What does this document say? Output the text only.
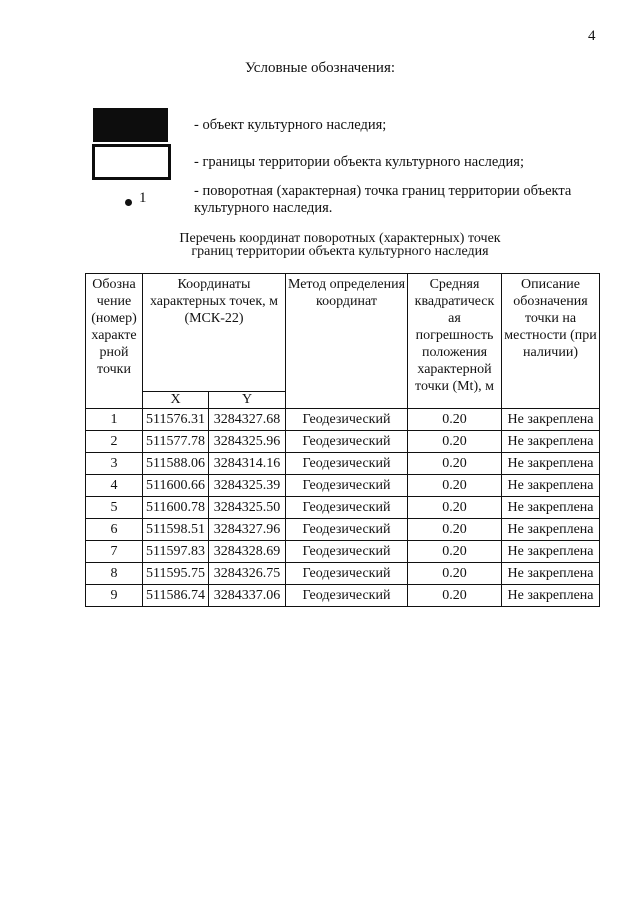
4
Условные обозначения:
- объект культурного наследия;
- границы территории объекта культурного наследия;
1	- поворотная (характерная) точка границ территории объекта
культурного наследия.
Перечень координат поворотных (характерных) точек
границ территории объекта культурного наследия
Обозна чение (номер) характе рной точки	Координаты характерных точек, м (МСК-22)		Метод определения координат	Средняя квадратическ ая погрешность положения характерной точки (Mt), м	Описание обозначения точки на местности (при наличии)

	X	Y			
1	511576.31	3284327.68	Геодезический	0.20	Не закреплена
2	511577.78	3284325.96	Геодезический	0.20	Не закреплена
3	511588.06	3284314.16	Геодезический	0.20	Не закреплена
4	511600.66	3284325.39	Геодезический	0.20	Не закреплена
5	511600.78	3284325.50	Геодезический	0.20	Не закреплена
6	511598.51	3284327.96	Геодезический	0.20	Не закреплена
7	511597.83	3284328.69	Геодезический	0.20	Не закреплена
8	511595.75	3284326.75	Геодезический	0.20	Не закреплена
9	511586.74	3284337.06	Геодезический	0.20	Не закреплена
